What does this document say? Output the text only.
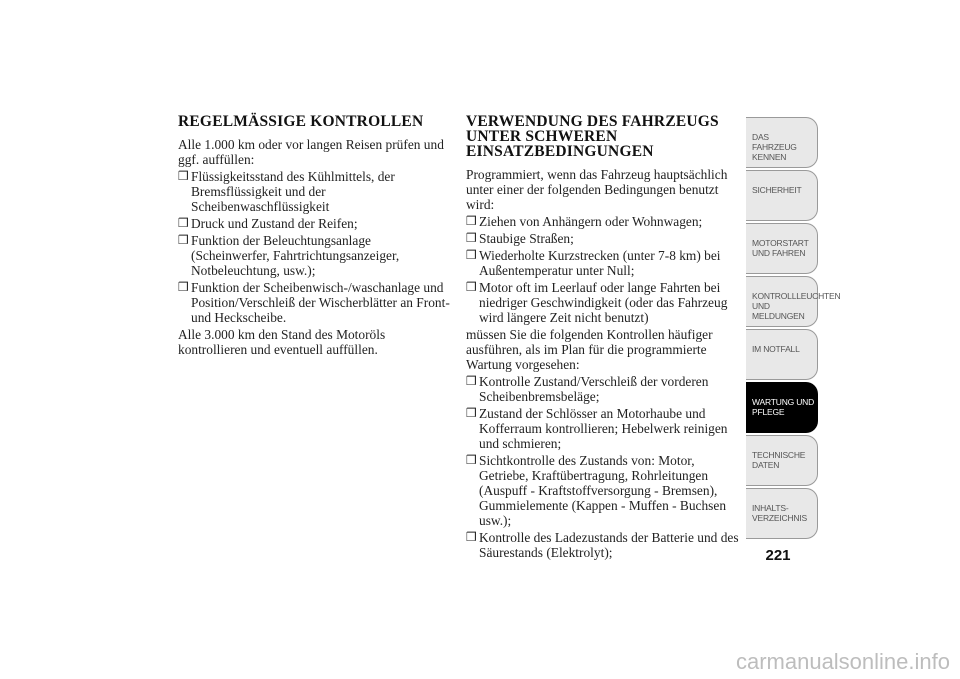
REGELMÄSSIGE KONTROLLEN

Alle 1.000 km oder vor langen Reisen prüfen und ggf. auffüllen:

❒ Flüssigkeitsstand des Kühlmittels, der Bremsflüssigkeit und der Scheibenwaschflüssigkeit
❒ Druck und Zustand der Reifen;
❒ Funktion der Beleuchtungsanlage (Scheinwerfer, Fahrtrichtungsanzeiger, Notbeleuchtung, usw.);
❒ Funktion der Scheibenwisch-/waschanlage und Position/Verschleiß der Wischerblätter an Front- und Heckscheibe.

Alle 3.000 km den Stand des Motoröls kontrollieren und eventuell auffüllen.

VERWENDUNG DES FAHRZEUGS UNTER SCHWEREN EINSATZBEDINGUNGEN

Programmiert, wenn das Fahrzeug hauptsächlich unter einer der folgenden Bedingungen benutzt wird:

❒ Ziehen von Anhängern oder Wohnwagen;
❒ Staubige Straßen;
❒ Wiederholte Kurzstrecken (unter 7-8 km) bei Außentemperatur unter Null;
❒ Motor oft im Leerlauf oder lange Fahrten bei niedriger Geschwindigkeit (oder das Fahrzeug wird längere Zeit nicht benutzt)

müssen Sie die folgenden Kontrollen häufiger ausführen, als im Plan für die programmierte Wartung vorgesehen:

❒ Kontrolle Zustand/Verschleiß der vorderen Scheibenbremsbeläge;
❒ Zustand der Schlösser an Motorhaube und Kofferraum kontrollieren; Hebelwerk reinigen und schmieren;
❒ Sichtkontrolle des Zustands von: Motor, Getriebe, Kraftübertragung, Rohrleitungen (Auspuff - Kraftstoffversorgung - Bremsen), Gummielemente (Kappen - Muffen - Buchsen usw.);
❒ Kontrolle des Ladezustands der Batterie und des Säurestands (Elektrolyt);
DAS FAHRZEUG KENNEN
SICHERHEIT
MOTORSTART UND FAHREN
KONTROLLLEUCHTEN UND MELDUNGEN
IM NOTFALL
WARTUNG UND PFLEGE
TECHNISCHE DATEN
INHALTS-VERZEICHNIS
221
carmanualsonline.info
